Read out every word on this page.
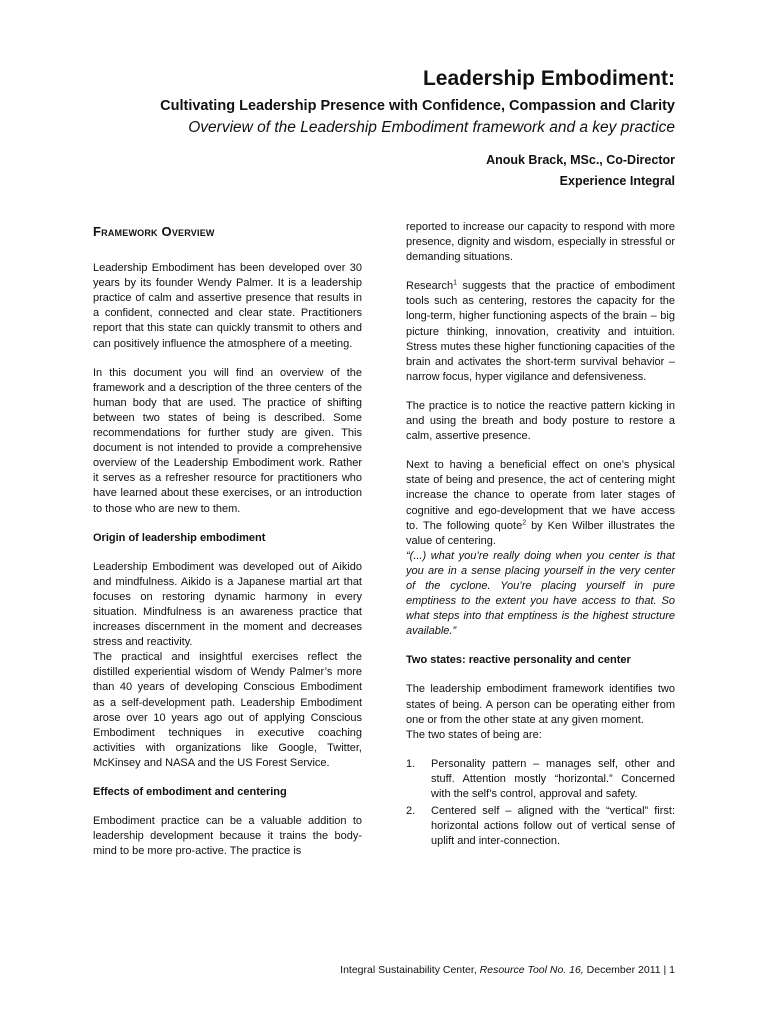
Leadership Embodiment:
Cultivating Leadership Presence with Confidence, Compassion and Clarity
Overview of the Leadership Embodiment framework and a key practice
Anouk Brack, MSc., Co-Director
Experience Integral
Framework Overview

Leadership Embodiment has been developed over 30 years by its founder Wendy Palmer. It is a leadership practice of calm and assertive presence that results in a confident, connected and clear state. Practitioners report that this state can quickly transmit to others and can positively influence the atmosphere of a meeting.

In this document you will find an overview of the framework and a description of the three centers of the human body that are used. The practice of shifting between two states of being is described. Some recommendations for further study are given. This document is not intended to provide a comprehensive overview of the Leadership Embodiment work. Rather it serves as a refresher resource for practitioners who have learned about these exercises, or an introduction to those who are new to them.

Origin of leadership embodiment

Leadership Embodiment was developed out of Aikido and mindfulness. Aikido is a Japanese martial art that focuses on restoring dynamic harmony in every situation. Mindfulness is an awareness practice that increases discernment in the moment and decreases stress and reactivity.

The practical and insightful exercises reflect the distilled experiential wisdom of Wendy Palmer’s more than 40 years of developing Conscious Embodiment as a self-development path. Leadership Embodiment arose over 10 years ago out of applying Conscious Embodiment techniques in executive coaching activities with organizations like Google, Twitter, McKinsey and NASA and the US Forest Service.

Effects of embodiment and centering

Embodiment practice can be a valuable addition to leadership development because it trains the body-mind to be more pro-active. The practice is

reported to increase our capacity to respond with more presence, dignity and wisdom, especially in stressful or demanding situations.

Research$^1$ suggests that the practice of embodiment tools such as centering, restores the capacity for the long-term, higher functioning aspects of the brain – big picture thinking, innovation, creativity and intuition. Stress mutes these higher functioning capacities of the brain and activates the short-term survival behavior – narrow focus, hyper vigilance and defensiveness.

The practice is to notice the reactive pattern kicking in and using the breath and body posture to restore a calm, assertive presence.

Next to having a beneficial effect on one’s physical state of being and presence, the act of centering might increase the chance to operate from later stages of cognitive and ego-development that we have access to. The following quote$^2$ by Ken Wilber illustrates the value of centering.

“(...) what you’re really doing when you center is that you are in a sense placing yourself in the very center of the cyclone. You’re placing yourself in pure emptiness to the extent you have access to that. So what steps into that emptiness is the highest structure available.”

Two states: reactive personality and center

The leadership embodiment framework identifies two states of being. A person can be operating either from one or from the other state at any given moment.

The two states of being are:

1. Personality pattern – manages self, other and stuff. Attention mostly “horizontal.” Concerned with the self’s control, approval and safety.
2. Centered self – aligned with the “vertical” first: horizontal actions follow out of vertical sense of uplift and inter-connection.
Integral Sustainability Center, Resource Tool No. 16, December 2011 | 1
